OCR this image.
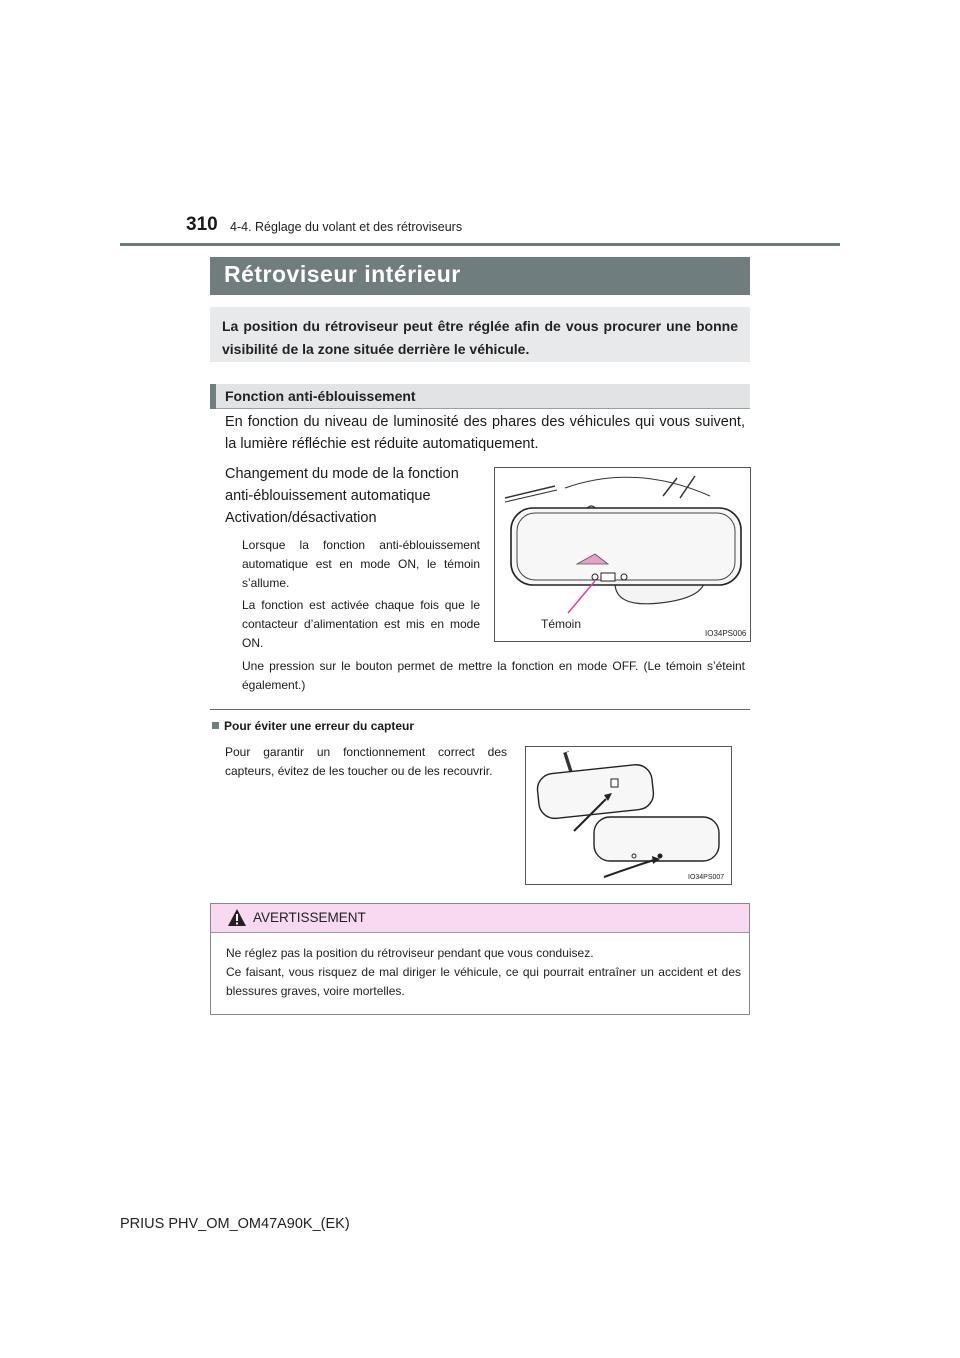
310 4-4. Réglage du volant et des rétroviseurs
Rétroviseur intérieur
La position du rétroviseur peut être réglée afin de vous procurer une bonne visibilité de la zone située derrière le véhicule.
Fonction anti-éblouissement
En fonction du niveau de luminosité des phares des véhicules qui vous suivent, la lumière réfléchie est réduite automatiquement.
Changement du mode de la fonction anti-éblouissement automatique
Activation/désactivation
Lorsque la fonction anti-éblouissement automatique est en mode ON, le témoin s’allume.
La fonction est activée chaque fois que le contacteur d’alimentation est mis en mode ON.
Une pression sur le bouton permet de mettre la fonction en mode OFF. (Le témoin s’éteint également.)
Témoin
IO34PS006
Pour éviter une erreur du capteur
Pour garantir un fonctionnement correct des capteurs, évitez de les toucher ou de les recouvrir.
IO34PS007
AVERTISSEMENT
Ne réglez pas la position du rétroviseur pendant que vous conduisez.
Ce faisant, vous risquez de mal diriger le véhicule, ce qui pourrait entraîner un accident et des blessures graves, voire mortelles.
PRIUS PHV_OM_OM47A90K_(EK)
